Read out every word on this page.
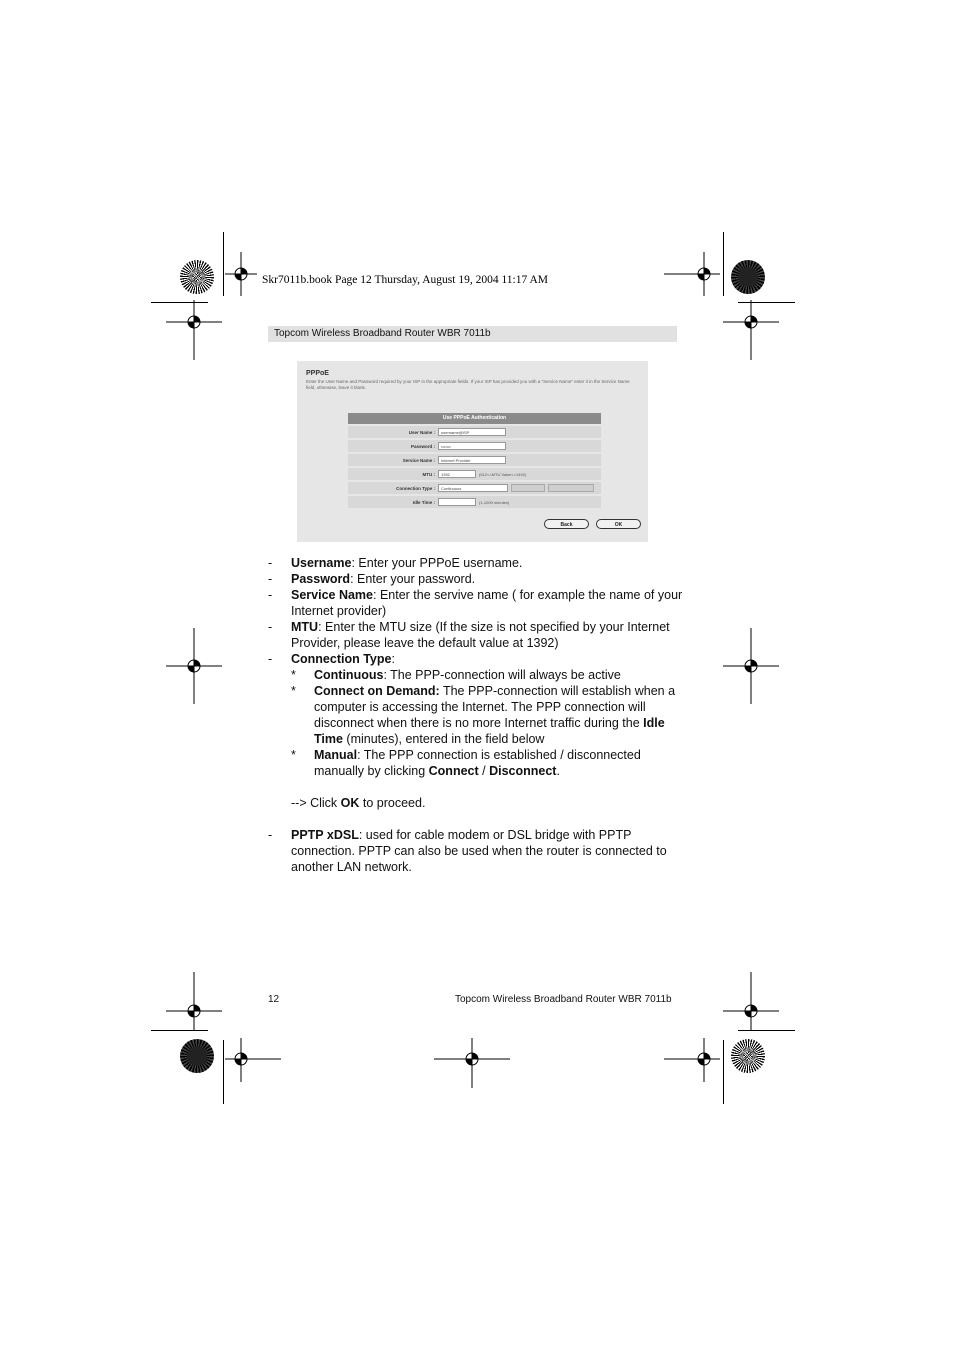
Skr7011b.book Page 12 Thursday, August 19, 2004 11:17 AM
Topcom Wireless Broadband Router WBR 7011b
PPPoE
Enter the User Name and Password required by your ISP in the appropriate fields. If your ISP has provided you with a "Service Name" enter it in the Service Name field, otherwise, leave it blank.
Use PPPoE Authentication
User Name :	username@ISP
Password :	•••••••
Service Name :	Internet Provider
MTU :	1392	(512<=MTU Value<=1492)
Connection Type :	Continuous
Idle Time :	(1-1000 minutes)
Back	OK
- Username: Enter your PPPoE username.
- Password: Enter your password.
- Service Name: Enter the servive name ( for example the name of your Internet provider)
- MTU: Enter the MTU size (If the size is not specified by your Internet Provider, please leave the default value at 1392)
- Connection Type:
* Continuous: The PPP-connection will always be active
* Connect on Demand: The PPP-connection will establish when a computer is accessing the Internet. The PPP connection will disconnect when there is no more Internet traffic during the Idle Time (minutes), entered in the field below
* Manual: The PPP connection is established / disconnected manually by clicking Connect / Disconnect.
--> Click OK to proceed.
- PPTP xDSL: used for cable modem or DSL bridge with PPTP connection. PPTP can also be used when the router is connected to another LAN network.
12	Topcom Wireless Broadband Router WBR 7011b
